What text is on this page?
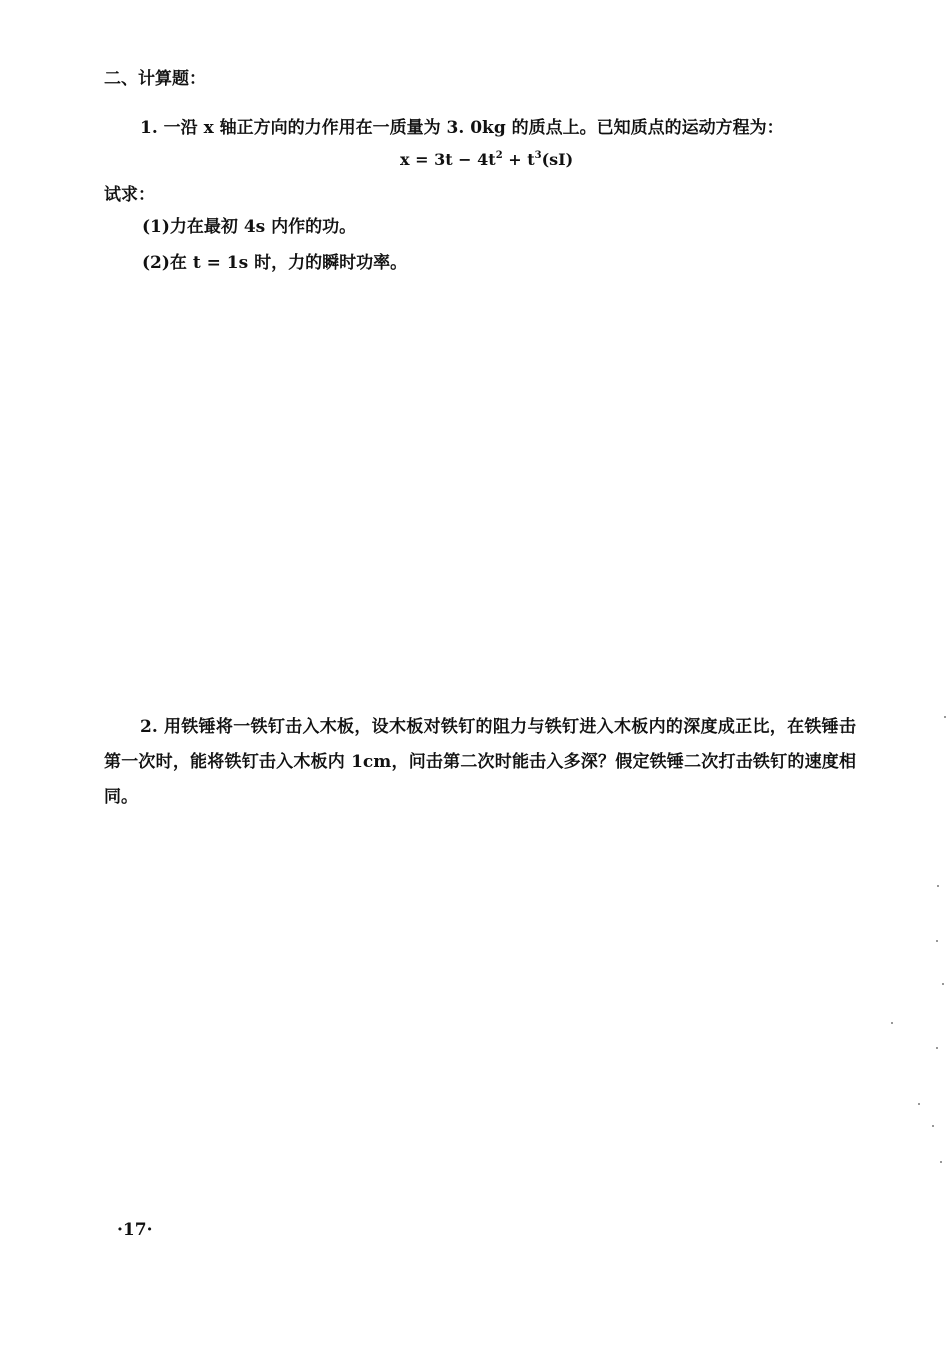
二、计算题：
1. 一沿 x 轴正方向的力作用在一质量为 3. 0kg 的质点上。已知质点的运动方程为：
$x = 3t - 4t^2 + t^3(sI)$
试求：
(1)力在最初 4s 内作的功。
(2)在 t = 1s 时，力的瞬时功率。
2. 用铁锤将一铁钉击入木板，设木板对铁钉的阻力与铁钉进入木板内的深度成正比，在铁锤击第一次时，能将铁钉击入木板内 1cm，问击第二次时能击入多深？假定铁锤二次打击铁钉的速度相同。
·17·
